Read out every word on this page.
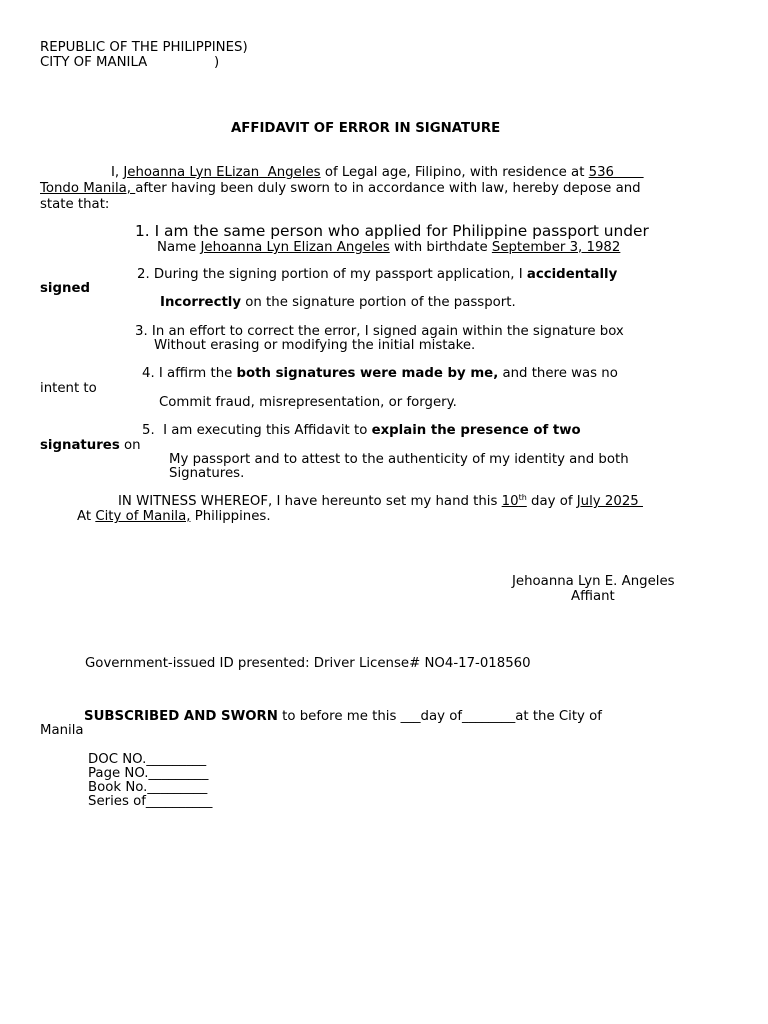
REPUBLIC OF THE PHILIPPINES)
CITY OF MANILA	)
AFFIDAVIT OF ERROR IN SIGNATURE
I, Jehoanna Lyn ELizan  Angeles of Legal age, Filipino, with residence at 536
Tondo Manila, after having been duly sworn to in accordance with law, hereby depose and
state that:
1. I am the same person who applied for Philippine passport under
Name Jehoanna Lyn Elizan Angeles with birthdate September 3, 1982
2. During the signing portion of my passport application, I accidentally
signed
Incorrectly on the signature portion of the passport.
3. In an effort to correct the error, I signed again within the signature box
Without erasing or modifying the initial mistake.
4. I affirm the both signatures were made by me, and there was no
intent to
Commit fraud, misrepresentation, or forgery.
5.  I am executing this Affidavit to explain the presence of two
signatures on
My passport and to attest to the authenticity of my identity and both
Signatures.
IN WITNESS WHEREOF, I have hereunto set my hand this 10th day of July 2025
At City of Manila, Philippines.
Jehoanna Lyn E. Angeles
Affiant
Government-issued ID presented: Driver License# NO4-17-018560
SUBSCRIBED AND SWORN to before me this ___day of________at the City of
Manila
DOC NO._________
Page NO._________
Book No._________
Series of__________
